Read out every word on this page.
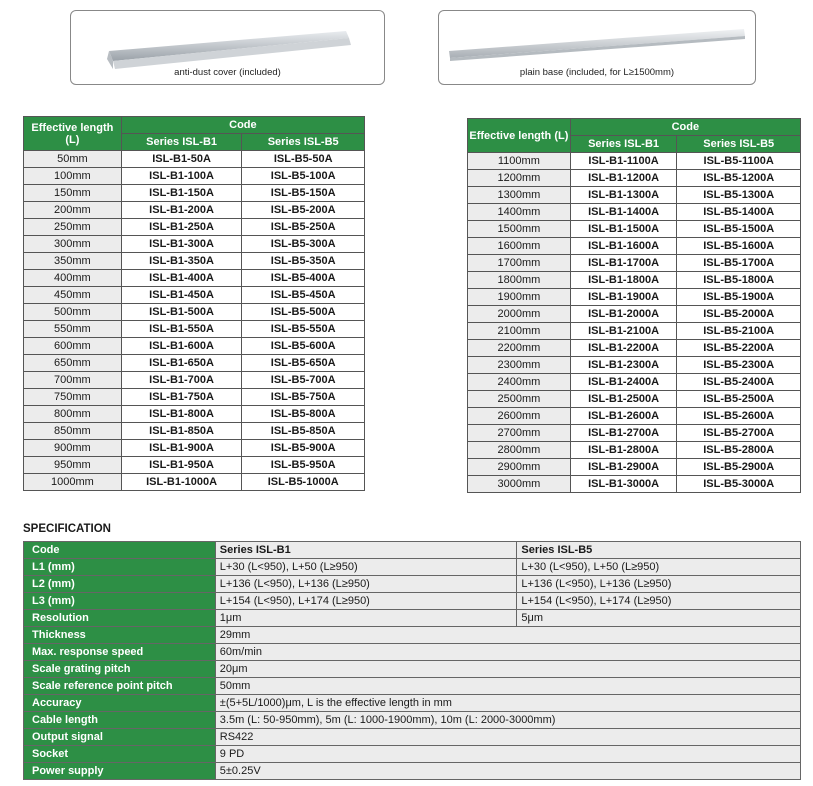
anti-dust cover (included)	plain base (included, for L≥1500mm)
Effective length (L)	Code	
	Series ISL-B1	Series ISL-B5
50mm	ISL-B1-50A	ISL-B5-50A
100mm	ISL-B1-100A	ISL-B5-100A
150mm	ISL-B1-150A	ISL-B5-150A
200mm	ISL-B1-200A	ISL-B5-200A
250mm	ISL-B1-250A	ISL-B5-250A
300mm	ISL-B1-300A	ISL-B5-300A
350mm	ISL-B1-350A	ISL-B5-350A
400mm	ISL-B1-400A	ISL-B5-400A
450mm	ISL-B1-450A	ISL-B5-450A
500mm	ISL-B1-500A	ISL-B5-500A
550mm	ISL-B1-550A	ISL-B5-550A
600mm	ISL-B1-600A	ISL-B5-600A
650mm	ISL-B1-650A	ISL-B5-650A
700mm	ISL-B1-700A	ISL-B5-700A
750mm	ISL-B1-750A	ISL-B5-750A
800mm	ISL-B1-800A	ISL-B5-800A
850mm	ISL-B1-850A	ISL-B5-850A
900mm	ISL-B1-900A	ISL-B5-900A
950mm	ISL-B1-950A	ISL-B5-950A
1000mm	ISL-B1-1000A	ISL-B5-1000A
Effective length (L)	Code	
	Series ISL-B1	Series ISL-B5
1100mm	ISL-B1-1100A	ISL-B5-1100A
1200mm	ISL-B1-1200A	ISL-B5-1200A
1300mm	ISL-B1-1300A	ISL-B5-1300A
1400mm	ISL-B1-1400A	ISL-B5-1400A
1500mm	ISL-B1-1500A	ISL-B5-1500A
1600mm	ISL-B1-1600A	ISL-B5-1600A
1700mm	ISL-B1-1700A	ISL-B5-1700A
1800mm	ISL-B1-1800A	ISL-B5-1800A
1900mm	ISL-B1-1900A	ISL-B5-1900A
2000mm	ISL-B1-2000A	ISL-B5-2000A
2100mm	ISL-B1-2100A	ISL-B5-2100A
2200mm	ISL-B1-2200A	ISL-B5-2200A
2300mm	ISL-B1-2300A	ISL-B5-2300A
2400mm	ISL-B1-2400A	ISL-B5-2400A
2500mm	ISL-B1-2500A	ISL-B5-2500A
2600mm	ISL-B1-2600A	ISL-B5-2600A
2700mm	ISL-B1-2700A	ISL-B5-2700A
2800mm	ISL-B1-2800A	ISL-B5-2800A
2900mm	ISL-B1-2900A	ISL-B5-2900A
3000mm	ISL-B1-3000A	ISL-B5-3000A
SPECIFICATION
Code	Series ISL-B1	Series ISL-B5
L1 (mm)	L+30 (L<950), L+50 (L≥950)	L+30 (L<950), L+50 (L≥950)
L2 (mm)	L+136 (L<950), L+136 (L≥950)	L+136 (L<950), L+136 (L≥950)
L3 (mm)	L+154 (L<950), L+174 (L≥950)	L+154 (L<950), L+174 (L≥950)
Resolution	1μm	5μm
Thickness	29mm	
Max. response speed	60m/min	
Scale grating pitch	20μm	
Scale reference point pitch	50mm	
Accuracy	±(5+5L/1000)μm, L is the effective length in mm	
Cable length	3.5m (L: 50-950mm), 5m (L: 1000-1900mm), 10m (L: 2000-3000mm)	
Output signal	RS422	
Socket	9 PD	
Power supply	5±0.25V	
